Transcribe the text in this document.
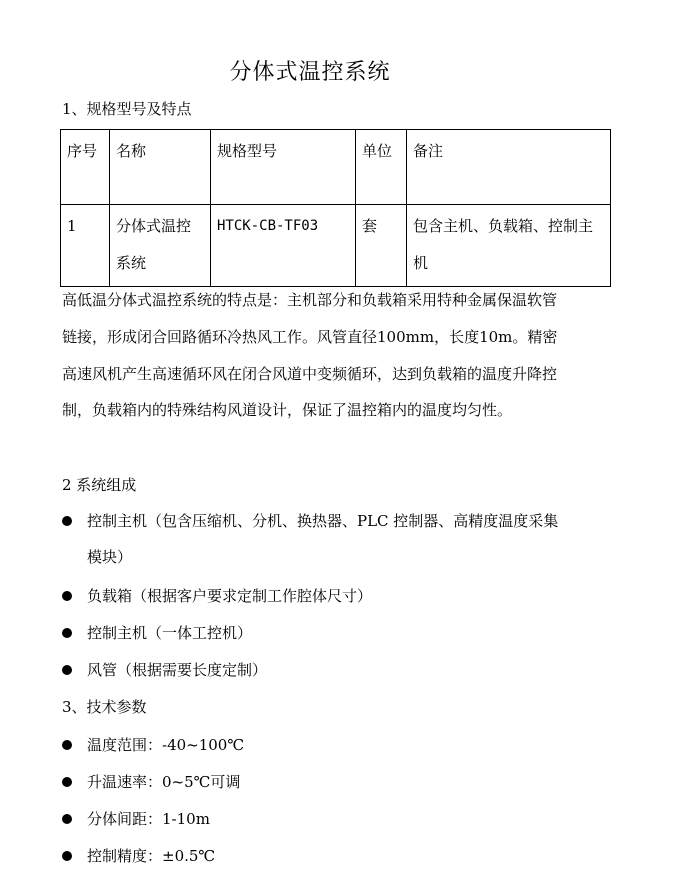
分体式温控系统
1、规格型号及特点
序号	名称	规格型号	单位	备注

1	分体式温控系统	HTCK-CB-TF03	套	包含主机、负载箱、控制主机
高低温分体式温控系统的特点是：主机部分和负载箱采用特种金属保温软管链接，形成闭合回路循环冷热风工作。风管直径100mm，长度10m。精密高速风机产生高速循环风在闭合风道中变频循环，达到负载箱的温度升降控制，负载箱内的特殊结构风道设计，保证了温控箱内的温度均匀性。
2 系统组成
控制主机（包含压缩机、分机、换热器、PLC 控制器、高精度温度采集模块）
负载箱（根据客户要求定制工作腔体尺寸）
控制主机（一体工控机）
风管（根据需要长度定制）
3、技术参数
温度范围：-40~100℃
升温速率：0~5℃可调
分体间距：1-10m
控制精度：±0.5℃
